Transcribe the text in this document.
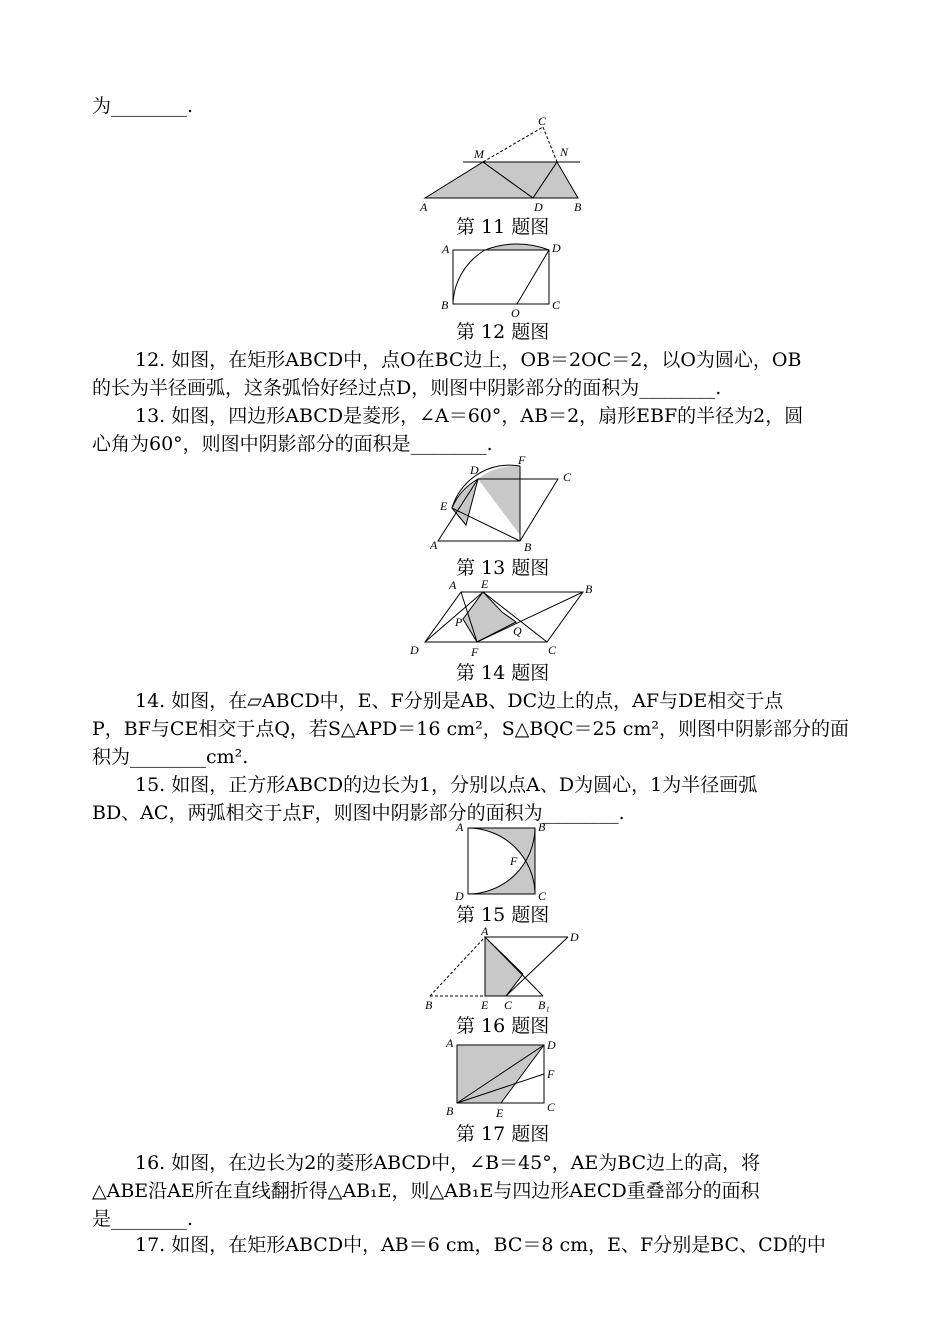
为________.
12. 如图，在矩形ABCD中，点O在BC边上，OB＝2OC＝2，以O为圆心，OB
的长为半径画弧，这条弧恰好经过点D，则图中阴影部分的面积为________.
13. 如图，四边形ABCD是菱形，∠A＝60°，AB＝2，扇形EBF的半径为2，圆
心角为60°，则图中阴影部分的面积是________.
14. 如图，在▱ABCD中，E、F分别是AB、DC边上的点，AF与DE相交于点
P，BF与CE相交于点Q，若S△APD＝16 cm²，S△BQC＝25 cm²，则图中阴影部分的面
积为________cm².
15. 如图，正方形ABCD的边长为1，分别以点A、D为圆心，1为半径画弧
BD、AC，两弧相交于点F，则图中阴影部分的面积为________.
16. 如图，在边长为2的菱形ABCD中，∠B＝45°，AE为BC边上的高，将
△ABE沿AE所在直线翻折得△AB₁E，则△AB₁E与四边形AECD重叠部分的面积
是________.
17. 如图，在矩形ABCD中，AB＝6 cm，BC＝8 cm，E、F分别是BC、CD的中
C
M	N
A	D	B
第 11 题图
A	D
B
O
C
第 12 题图
D
F
C
E
A	B
第 13 题图
A E	B
P
Q
D	F	C
第 14 题图
A	B
F
D	C
第 15 题图
A	D
B	E C B₁
第 16 题图
A	D
F
B	E	C
第 17 题图
